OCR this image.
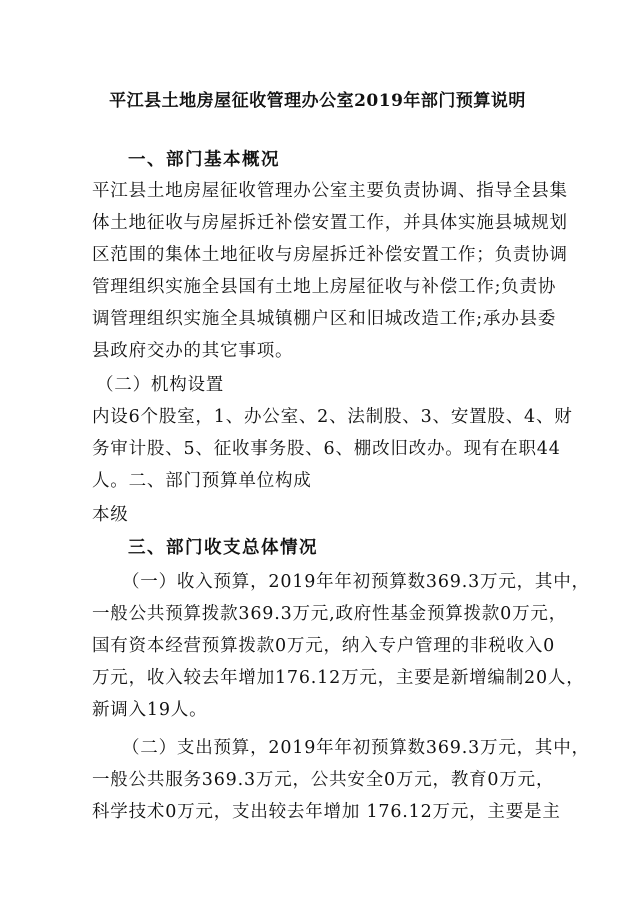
平江县土地房屋征收管理办公室2019年部门预算说明
一、部门基本概况
平江县土地房屋征收管理办公室主要负责协调、指导全县集
体土地征收与房屋拆迁补偿安置工作，并具体实施县城规划
区范围的集体土地征收与房屋拆迁补偿安置工作；负责协调
管理组织实施全县国有土地上房屋征收与补偿工作;负责协
调管理组织实施全具城镇棚户区和旧城改造工作;承办县委
县政府交办的其它事项。
（二）机构设置
内设6个股室，1、办公室、2、法制股、3、安置股、4、财
务审计股、5、征收事务股、6、棚改旧改办。现有在职44
人。二、部门预算单位构成
本级
三、部门收支总体情况
（一）收入预算，2019年年初预算数369.3万元，其中，
一般公共预算拨款369.3万元,政府性基金预算拨款0万元，
国有资本经营预算拨款0万元，纳入专户管理的非税收入0
万元，收入较去年增加176.12万元，主要是新增编制20人，
新调入19人。
（二）支出预算，2019年年初预算数369.3万元，其中，
一般公共服务369.3万元，公共安全0万元，教育0万元，
科学技术0万元，支出较去年增加 176.12万元，主要是主
